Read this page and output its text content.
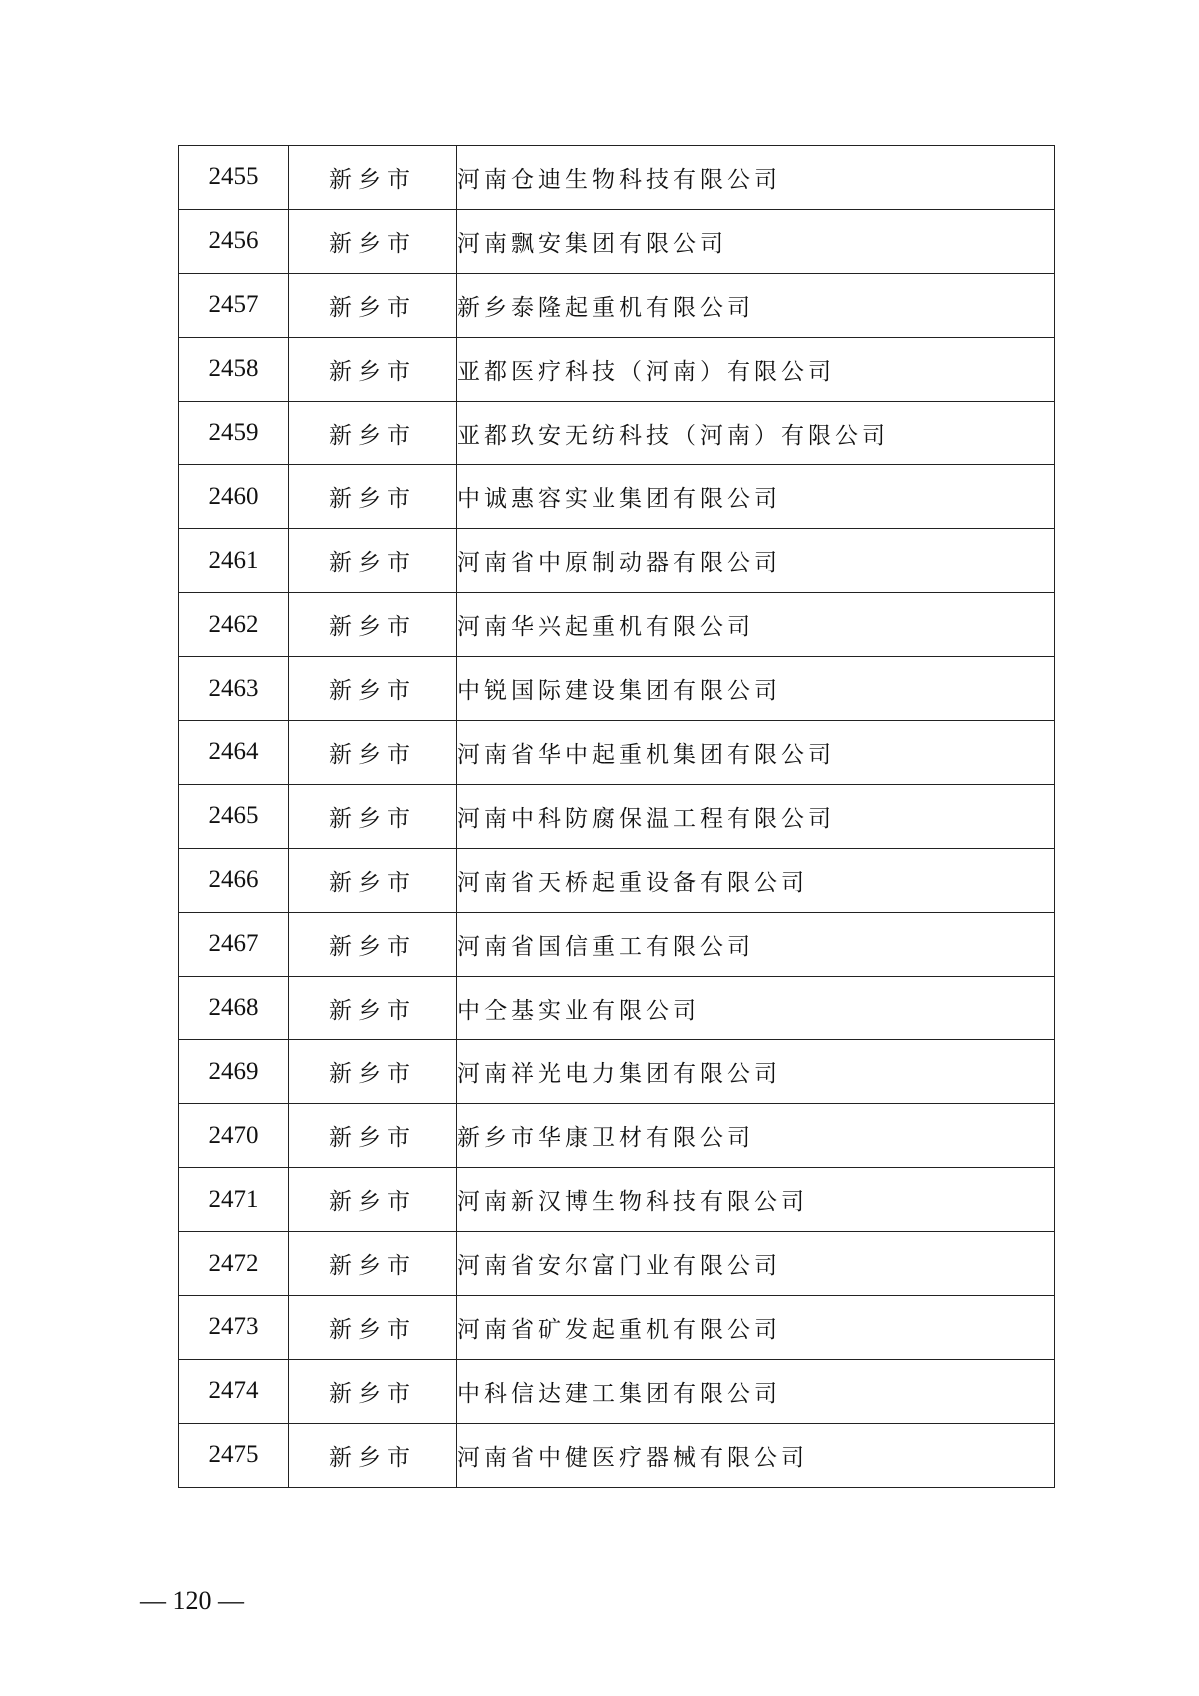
2455	新乡市	河南仓迪生物科技有限公司
2456	新乡市	河南飘安集团有限公司
2457	新乡市	新乡泰隆起重机有限公司
2458	新乡市	亚都医疗科技（河南）有限公司
2459	新乡市	亚都玖安无纺科技（河南）有限公司
2460	新乡市	中诚惠容实业集团有限公司
2461	新乡市	河南省中原制动器有限公司
2462	新乡市	河南华兴起重机有限公司
2463	新乡市	中锐国际建设集团有限公司
2464	新乡市	河南省华中起重机集团有限公司
2465	新乡市	河南中科防腐保温工程有限公司
2466	新乡市	河南省天桥起重设备有限公司
2467	新乡市	河南省国信重工有限公司
2468	新乡市	中仝基实业有限公司
2469	新乡市	河南祥光电力集团有限公司
2470	新乡市	新乡市华康卫材有限公司
2471	新乡市	河南新汉博生物科技有限公司
2472	新乡市	河南省安尔富门业有限公司
2473	新乡市	河南省矿发起重机有限公司
2474	新乡市	中科信达建工集团有限公司
2475	新乡市	河南省中健医疗器械有限公司
— 120 —
